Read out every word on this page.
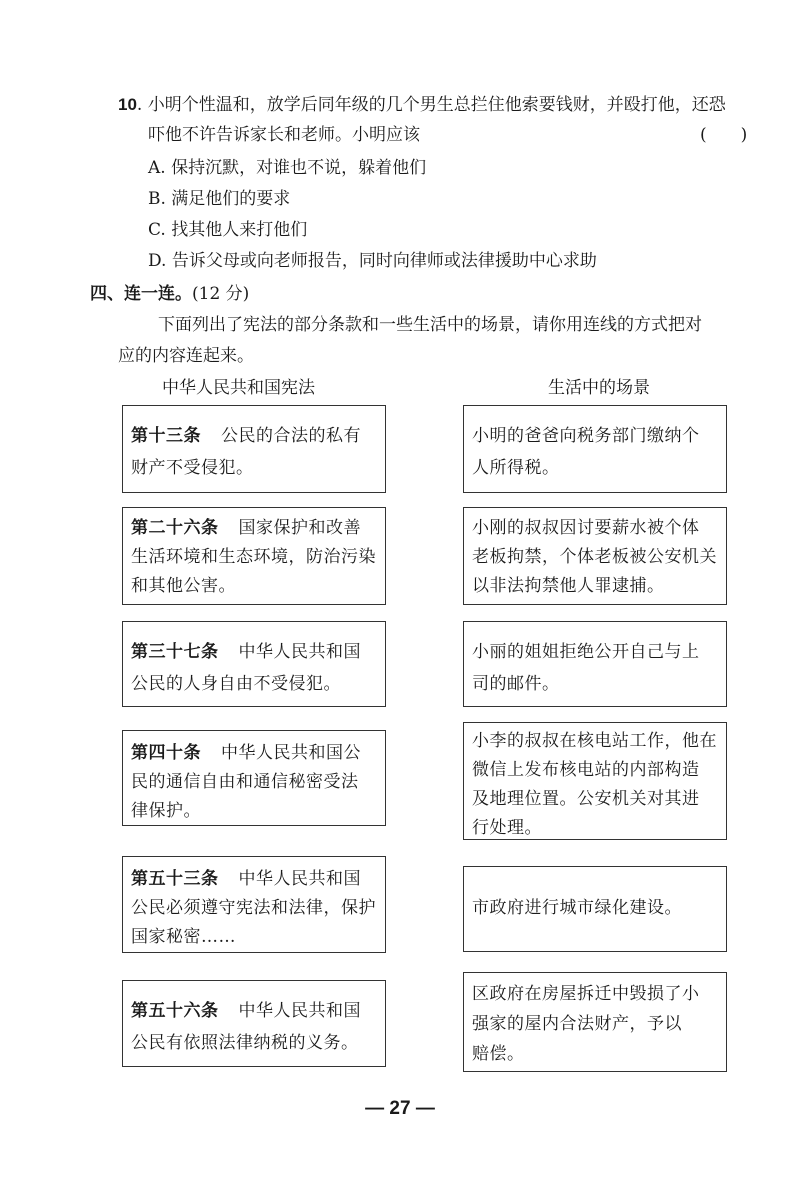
10. 小明个性温和，放学后同年级的几个男生总拦住他索要钱财，并殴打他，还恐
吓他不许告诉家长和老师。小明应该	(　　)
A. 保持沉默，对谁也不说，躲着他们
B. 满足他们的要求
C. 找其他人来打他们
D. 告诉父母或向老师报告，同时向律师或法律援助中心求助
四、连一连。(12 分)
下面列出了宪法的部分条款和一些生活中的场景，请你用连线的方式把对
应的内容连起来。
中华人民共和国宪法	生活中的场景
第十三条 公民的合法的私有
财产不受侵犯。
第二十六条 国家保护和改善
生活环境和生态环境，防治污染
和其他公害。
第三十七条 中华人民共和国
公民的人身自由不受侵犯。
第四十条 中华人民共和国公
民的通信自由和通信秘密受法
律保护。
第五十三条 中华人民共和国
公民必须遵守宪法和法律，保护
国家秘密……
第五十六条 中华人民共和国
公民有依照法律纳税的义务。
小明的爸爸向税务部门缴纳个
人所得税。
小刚的叔叔因讨要薪水被个体
老板拘禁，个体老板被公安机关
以非法拘禁他人罪逮捕。
小丽的姐姐拒绝公开自己与上
司的邮件。
小李的叔叔在核电站工作，他在
微信上发布核电站的内部构造
及地理位置。公安机关对其进
行处理。
市政府进行城市绿化建设。
区政府在房屋拆迁中毁损了小
强家的屋内合法财产，予以
赔偿。
— 27 —
